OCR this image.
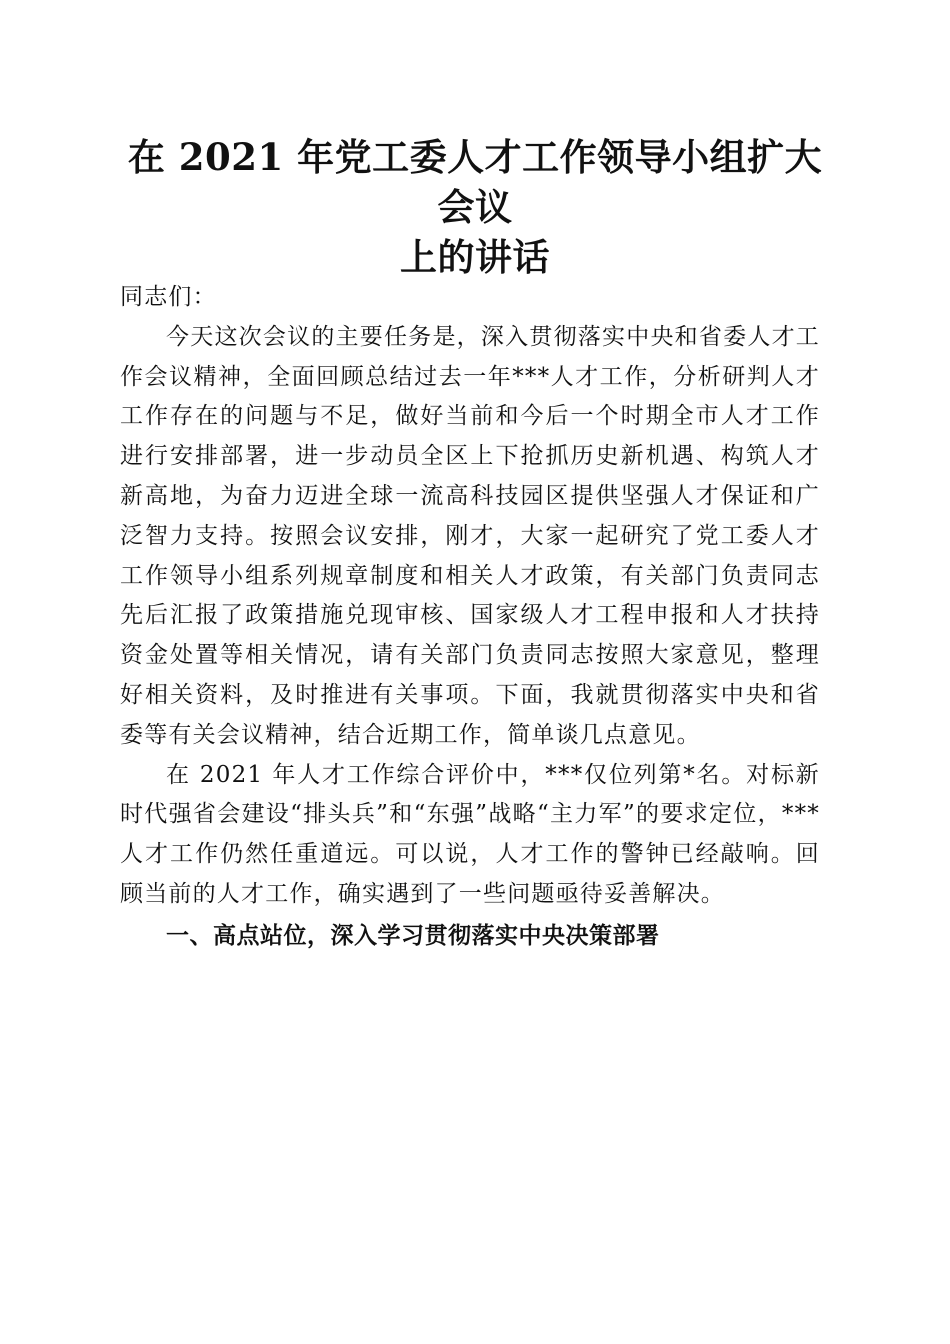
在 2021 年党工委人才工作领导小组扩大会议
上的讲话

同志们：

今天这次会议的主要任务是，深入贯彻落实中央和省委人才工作会议精神，全面回顾总结过去一年***人才工作，分析研判人才工作存在的问题与不足，做好当前和今后一个时期全市人才工作进行安排部署，进一步动员全区上下抢抓历史新机遇、构筑人才新高地，为奋力迈进全球一流高科技园区提供坚强人才保证和广泛智力支持。按照会议安排，刚才，大家一起研究了党工委人才工作领导小组系列规章制度和相关人才政策，有关部门负责同志先后汇报了政策措施兑现审核、国家级人才工程申报和人才扶持资金处置等相关情况，请有关部门负责同志按照大家意见，整理好相关资料，及时推进有关事项。下面，我就贯彻落实中央和省委等有关会议精神，结合近期工作，简单谈几点意见。

在 2021 年人才工作综合评价中，***仅位列第*名。对标新时代强省会建设“排头兵”和“东强”战略“主力军”的要求定位，***人才工作仍然任重道远。可以说，人才工作的警钟已经敲响。回顾当前的人才工作，确实遇到了一些问题亟待妥善解决。

一、高点站位，深入学习贯彻落实中央决策部署
